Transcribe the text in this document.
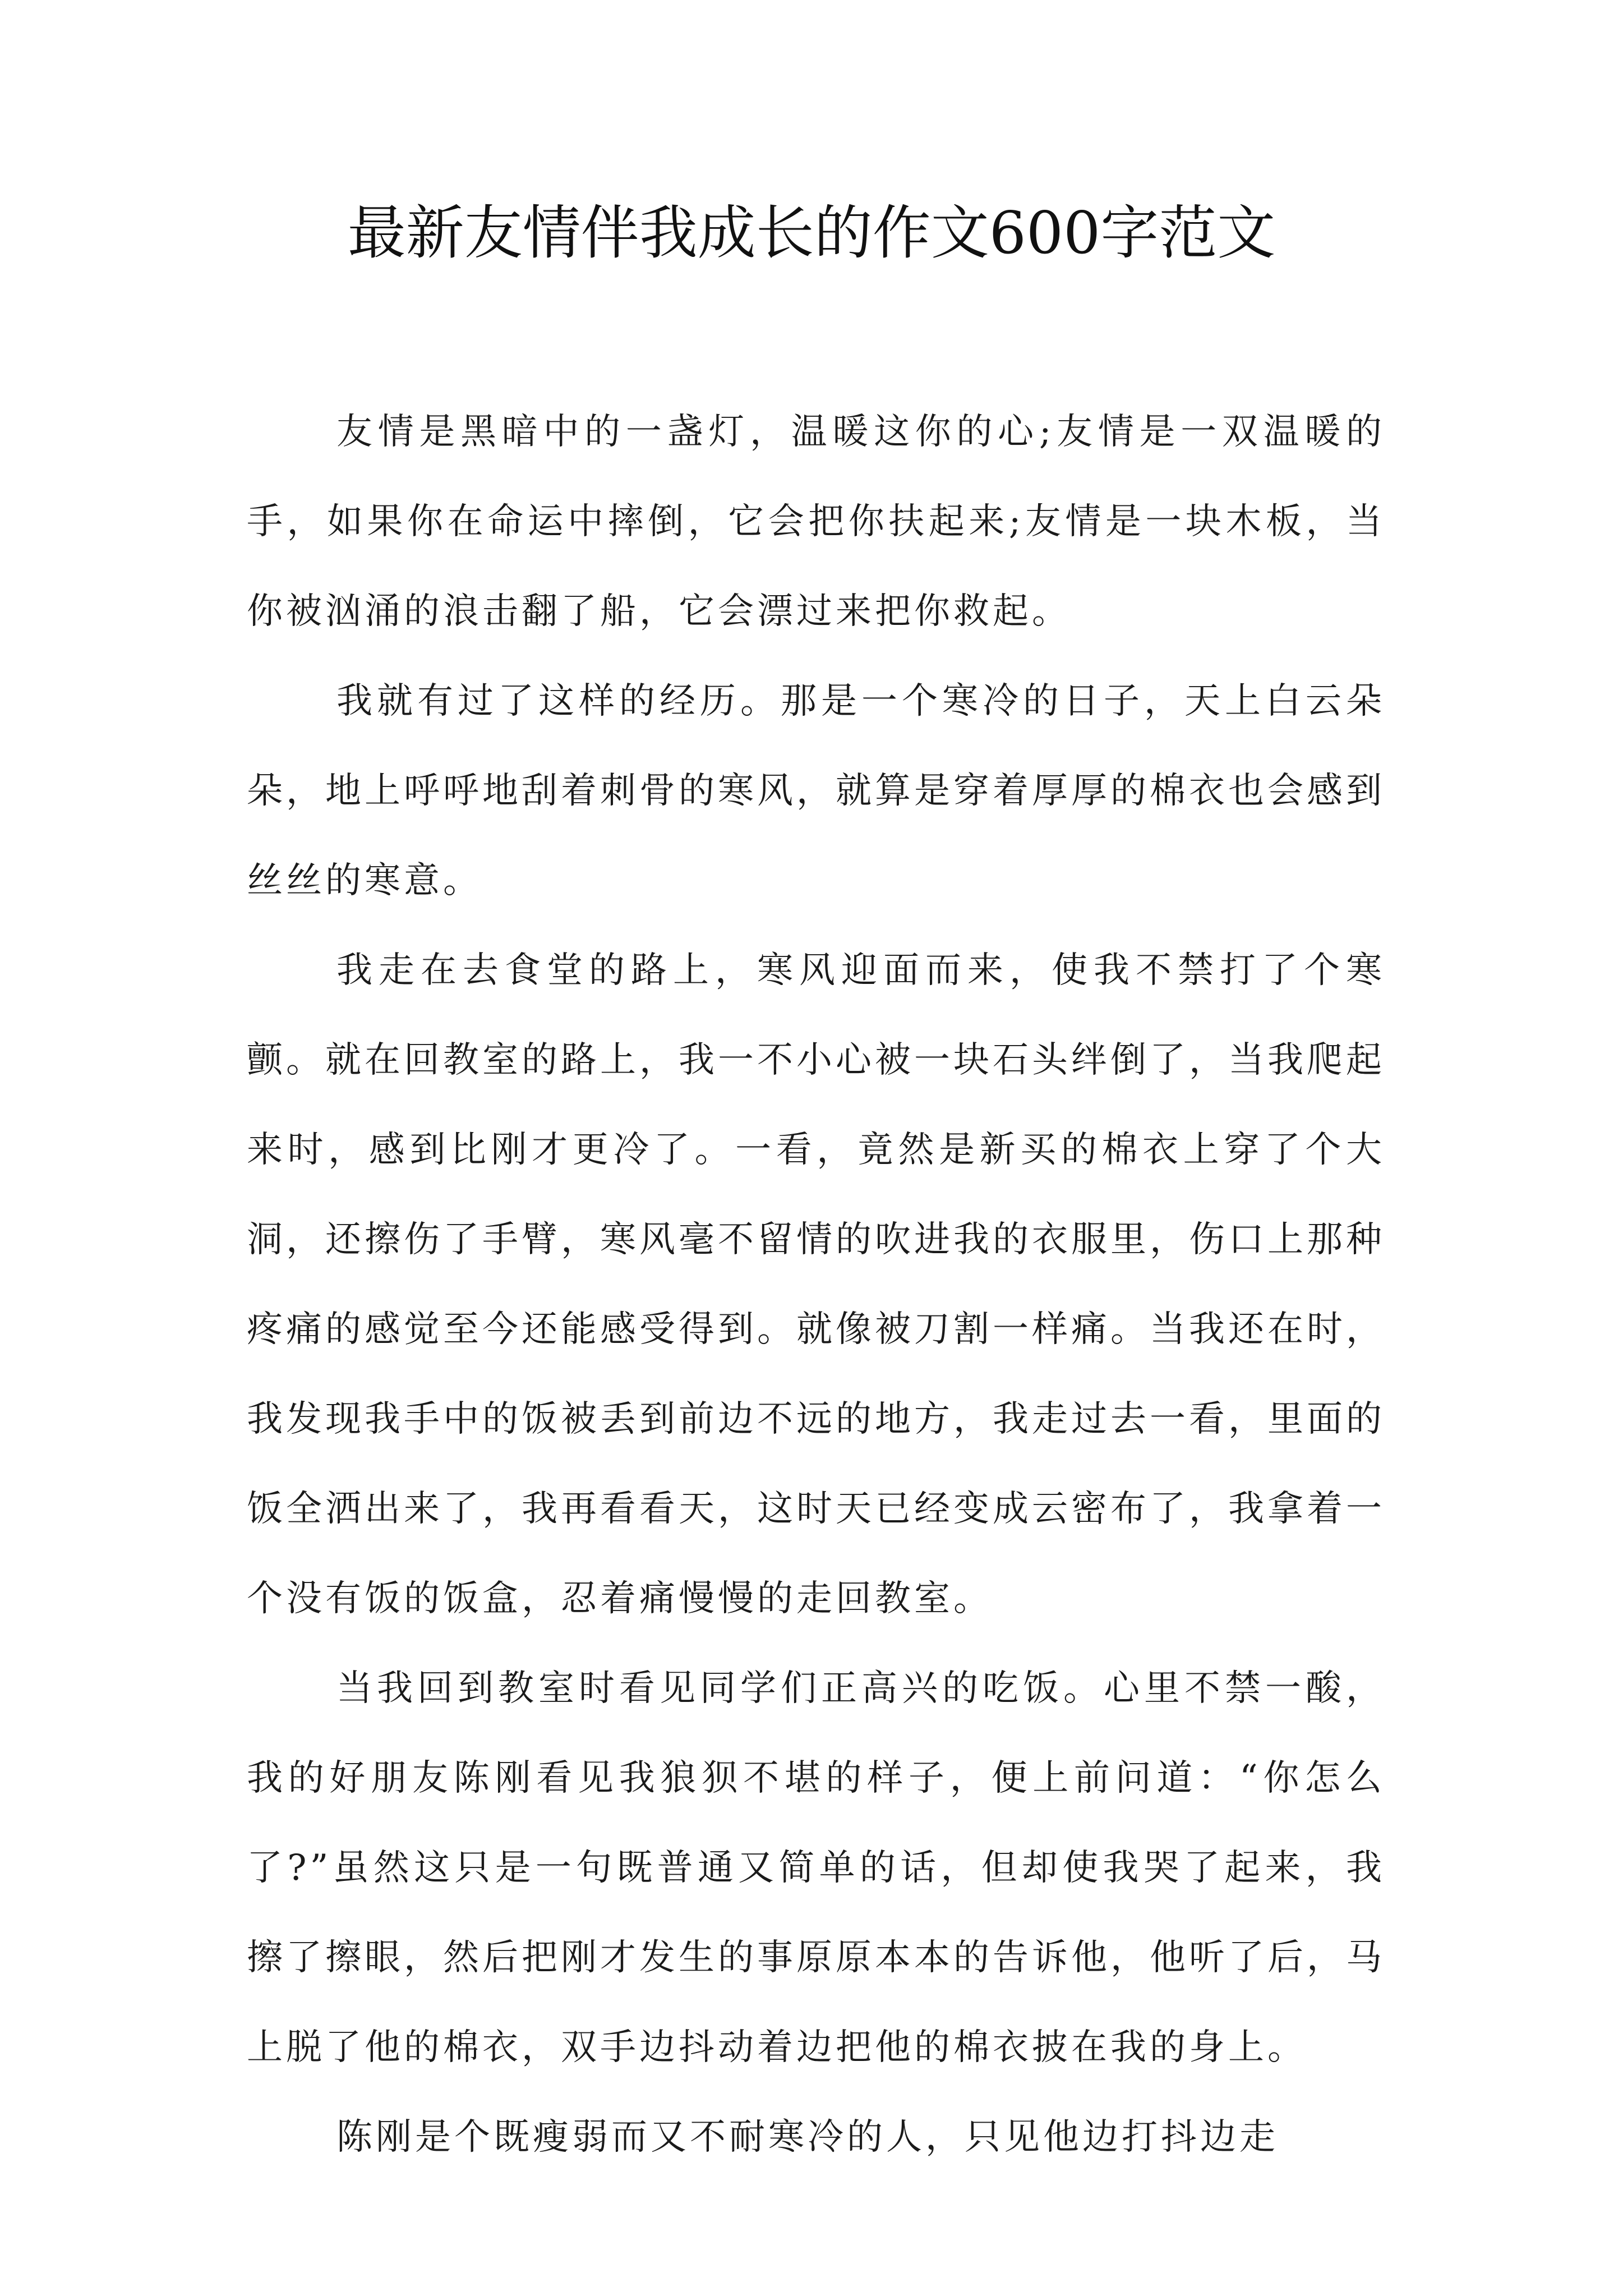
最新友情伴我成长的作文600字范文

友情是黑暗中的一盏灯，温暖这你的心;友情是一双温暖的手，如果你在命运中摔倒，它会把你扶起来;友情是一块木板，当你被汹涌的浪击翻了船，它会漂过来把你救起。

我就有过了这样的经历。那是一个寒冷的日子，天上白云朵朵，地上呼呼地刮着刺骨的寒风，就算是穿着厚厚的棉衣也会感到丝丝的寒意。

我走在去食堂的路上，寒风迎面而来，使我不禁打了个寒颤。就在回教室的路上，我一不小心被一块石头绊倒了，当我爬起来时，感到比刚才更冷了。一看，竟然是新买的棉衣上穿了个大洞，还擦伤了手臂，寒风毫不留情的吹进我的衣服里，伤口上那种疼痛的感觉至今还能感受得到。就像被刀割一样痛。当我还在时，我发现我手中的饭被丢到前边不远的地方，我走过去一看，里面的饭全洒出来了，我再看看天，这时天已经变成云密布了，我拿着一个没有饭的饭盒，忍着痛慢慢的走回教室。

当我回到教室时看见同学们正高兴的吃饭。心里不禁一酸，我的好朋友陈刚看见我狼狈不堪的样子，便上前问道：“你怎么了?”虽然这只是一句既普通又简单的话，但却使我哭了起来，我擦了擦眼，然后把刚才发生的事原原本本的告诉他，他听了后，马上脱了他的棉衣，双手边抖动着边把他的棉衣披在我的身上。

陈刚是个既瘦弱而又不耐寒冷的人，只见他边打抖边走
